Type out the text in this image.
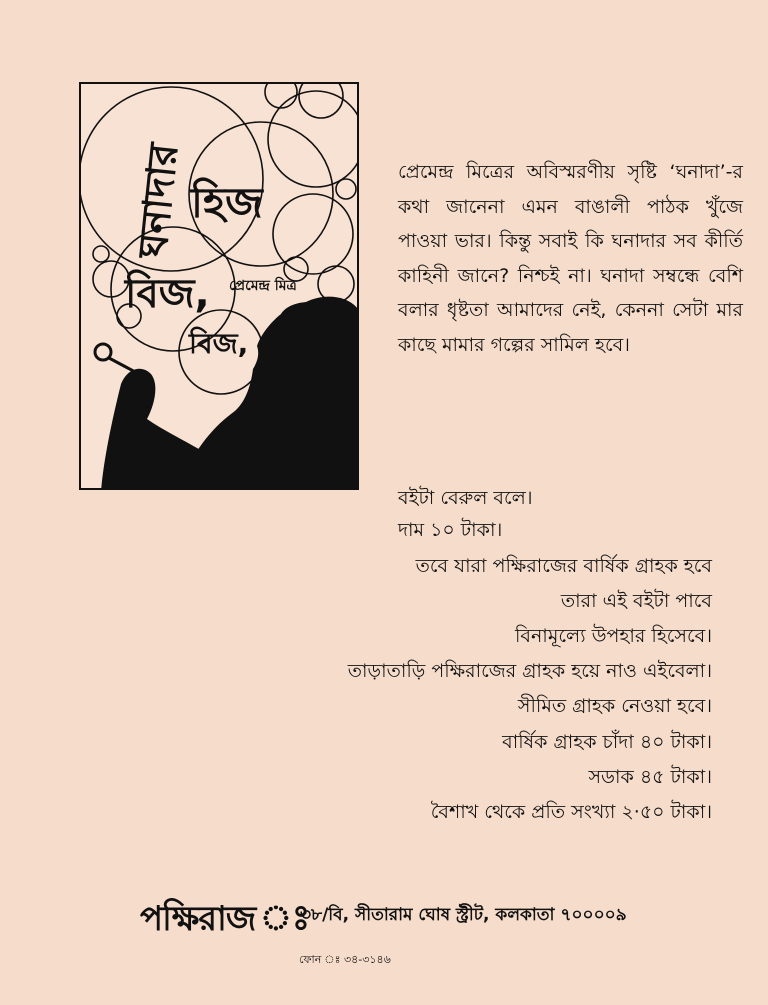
হিজ
বিজ,
বিজ,
ঘনাদার
প্রেমেন্দ্র মিত্র

প্রেমেন্দ্র মিত্রের অবিস্মরণীয় সৃষ্টি ‘ঘনাদা’-র কথা জানেনা এমন বাঙালী পাঠক খুঁজে পাওয়া ভার। কিন্তু সবাই কি ঘনাদার সব কীর্তি কাহিনী জানে? নিশ্চই না। ঘনাদা সম্বন্ধে বেশি বলার ধৃষ্টতা আমাদের নেই, কেননা সেটা মার কাছে মামার গল্পের সামিল হবে।

বইটা বেরুল বলে।
দাম ১০ টাকা।
তবে যারা পক্ষিরাজের বার্ষিক গ্রাহক হবে
তারা এই বইটা পাবে
বিনামূল্যে উপহার হিসেবে।
তাড়াতাড়ি পক্ষিরাজের গ্রাহক হয়ে নাও এইবেলা।
সীমিত গ্রাহক নেওয়া হবে।
বার্ষিক গ্রাহক চাঁদা ৪০ টাকা।
সডাক ৪৫ টাকা।
বৈশাখ থেকে প্রতি সংখ্যা ২·৫০ টাকা।
পক্ষিরাজ ঃ
৩৮/বি, সীতারাম ঘোষ স্ট্রীট, কলকাতা ৭০০০০৯
ফোন ঃ ৩৪-৩১৪৬
